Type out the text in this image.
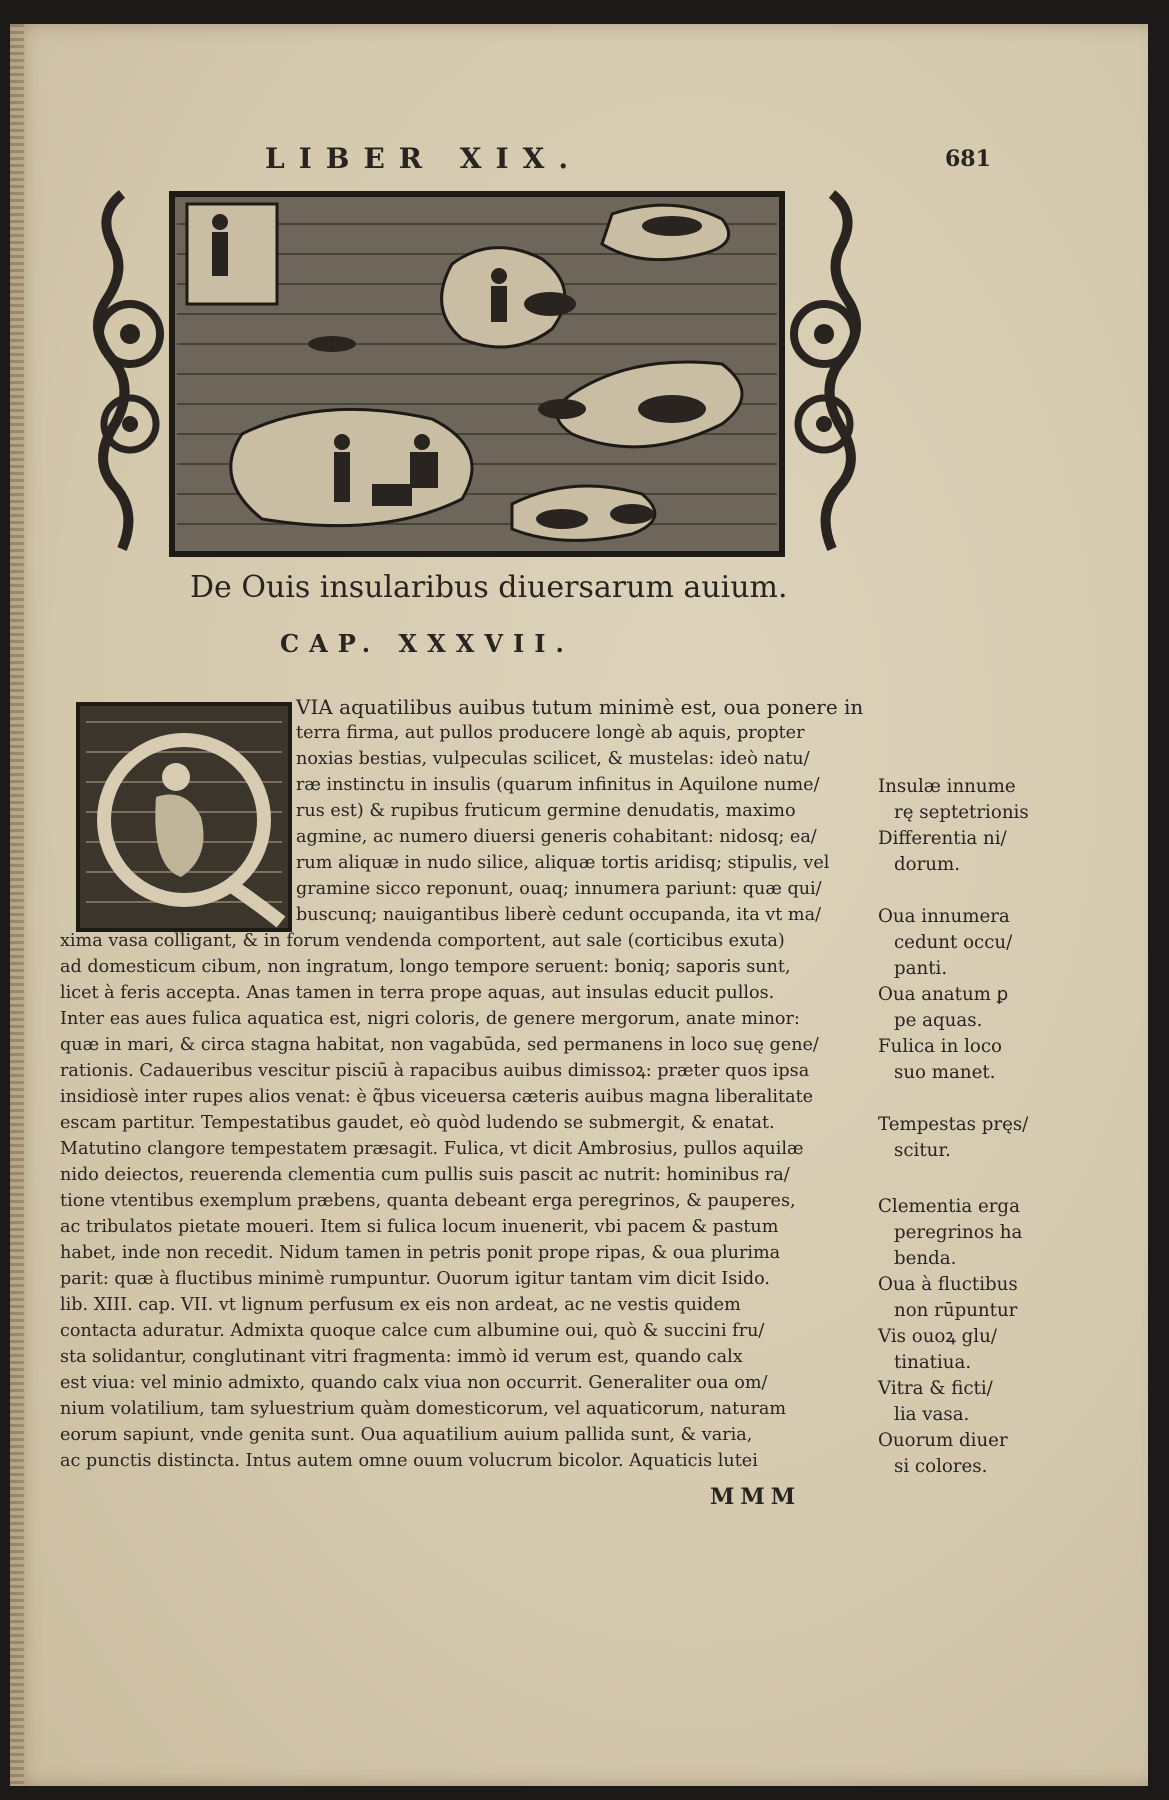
LIBER XIX.	681
De Ouis insularibus diuersarum auium.
CAP. XXXVII.
VIA aquatilibus auibus tutum minimè est, oua ponere in
terra firma, aut pullos producere longè ab aquis, propter
noxias bestias, vulpeculas scilicet, & mustelas: ideò natu/
ræ instinctu in insulis (quarum infinitus in Aquilone nume/
rus est) & rupibus fruticum germine denudatis, maximo
agmine, ac numero diuersi generis cohabitant: nidosq; ea/
rum aliquæ in nudo silice, aliquæ tortis aridisq; stipulis, vel
gramine sicco reponunt, ouaq; innumera pariunt: quæ qui/
buscunq; nauigantibus liberè cedunt occupanda, ita vt ma/
xima vasa colligant, & in forum vendenda comportent, aut sale (corticibus exuta)
ad domesticum cibum, non ingratum, longo tempore seruent: boniq; saporis sunt,
licet à feris accepta. Anas tamen in terra prope aquas, aut insulas educit pullos.
Inter eas aues fulica aquatica est, nigri coloris, de genere mergorum, anate minor:
quæ in mari, & circa stagna habitat, non vagabūda, sed permanens in loco suę gene/
rationis. Cadaueribus vescitur pisciū à rapacibus auibus dimissoꝝ: præter quos ipsa
insidiosè inter rupes alios venat: è q̃bus viceuersa cæteris auibus magna liberalitate
escam partitur. Tempestatibus gaudet, eò quòd ludendo se submergit, & enatat.
Matutino clangore tempestatem præsagit. Fulica, vt dicit Ambrosius, pullos aquilæ
nido deiectos, reuerenda clementia cum pullis suis pascit ac nutrit: hominibus ra/
tione vtentibus exemplum præbens, quanta debeant erga peregrinos, & pauperes,
ac tribulatos pietate moueri. Item si fulica locum inuenerit, vbi pacem & pastum
habet, inde non recedit. Nidum tamen in petris ponit prope ripas, & oua plurima
parit: quæ à fluctibus minimè rumpuntur. Ouorum igitur tantam vim dicit Isido.
lib. XIII. cap. VII. vt lignum perfusum ex eis non ardeat, ac ne vestis quidem
contacta aduratur. Admixta quoque calce cum albumine oui, quò & succini fru/
sta solidantur, conglutinant vitri fragmenta: immò id verum est, quando calx
est viua: vel minio admixto, quando calx viua non occurrit. Generaliter oua om/
nium volatilium, tam syluestrium quàm domesticorum, vel aquaticorum, naturam
eorum sapiunt, vnde genita sunt. Oua aquatilium auium pallida sunt, & varia,
ac punctis distincta. Intus autem omne ouum volucrum bicolor. Aquaticis lutei
Insulæ innume
rę septetrionis
Differentia ni/
dorum.
Oua innumera
cedunt occu/
panti.
Oua anatum ꝑ
pe aquas.
Fulica in loco
suo manet.
Tempestas pręs/
scitur.
Clementia erga
peregrinos ha
benda.
Oua à fluctibus
non rūpuntur
Vis ouoꝝ glu/
tinatiua.
Vitra & ficti/
lia vasa.
Ouorum diuer
si colores.
MMM
